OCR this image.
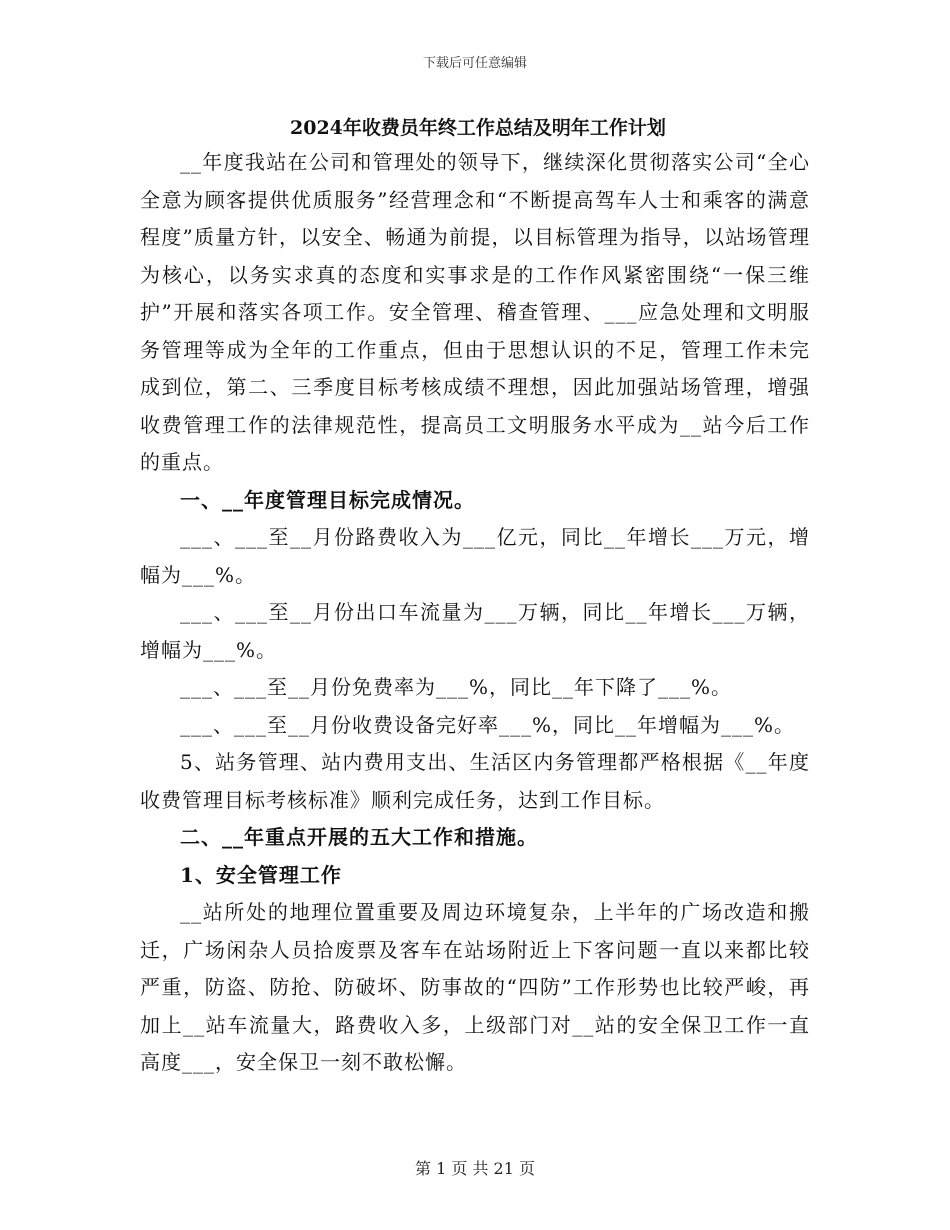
下载后可任意编辑
2024年收费员年终工作总结及明年工作计划

__年度我站在公司和管理处的领导下，继续深化贯彻落实公司“全心全意为顾客提供优质服务”经营理念和“不断提高驾车人士和乘客的满意程度”质量方针，以安全、畅通为前提，以目标管理为指导，以站场管理为核心，以务实求真的态度和实事求是的工作作风紧密围绕“一保三维护”开展和落实各项工作。安全管理、稽查管理、___应急处理和文明服务管理等成为全年的工作重点，但由于思想认识的不足，管理工作未完成到位，第二、三季度目标考核成绩不理想，因此加强站场管理，增强收费管理工作的法律规范性，提高员工文明服务水平成为__站今后工作的重点。

一、__年度管理目标完成情况。

___、___至__月份路费收入为___亿元，同比__年增长___万元，增幅为___%。

___、___至__月份出口车流量为___万辆，同比__年增长___万辆，增幅为___%。

___、___至__月份免费率为___%，同比__年下降了___%。

___、___至__月份收费设备完好率___%，同比__年增幅为___%。

5、站务管理、站内费用支出、生活区内务管理都严格根据《__年度收费管理目标考核标准》顺利完成任务，达到工作目标。

二、__年重点开展的五大工作和措施。

1、安全管理工作

__站所处的地理位置重要及周边环境复杂，上半年的广场改造和搬迁，广场闲杂人员拾废票及客车在站场附近上下客问题一直以来都比较严重，防盗、防抢、防破坏、防事故的“四防”工作形势也比较严峻，再加上__站车流量大，路费收入多，上级部门对__站的安全保卫工作一直高度___，安全保卫一刻不敢松懈。

第 1 页 共 21 页
